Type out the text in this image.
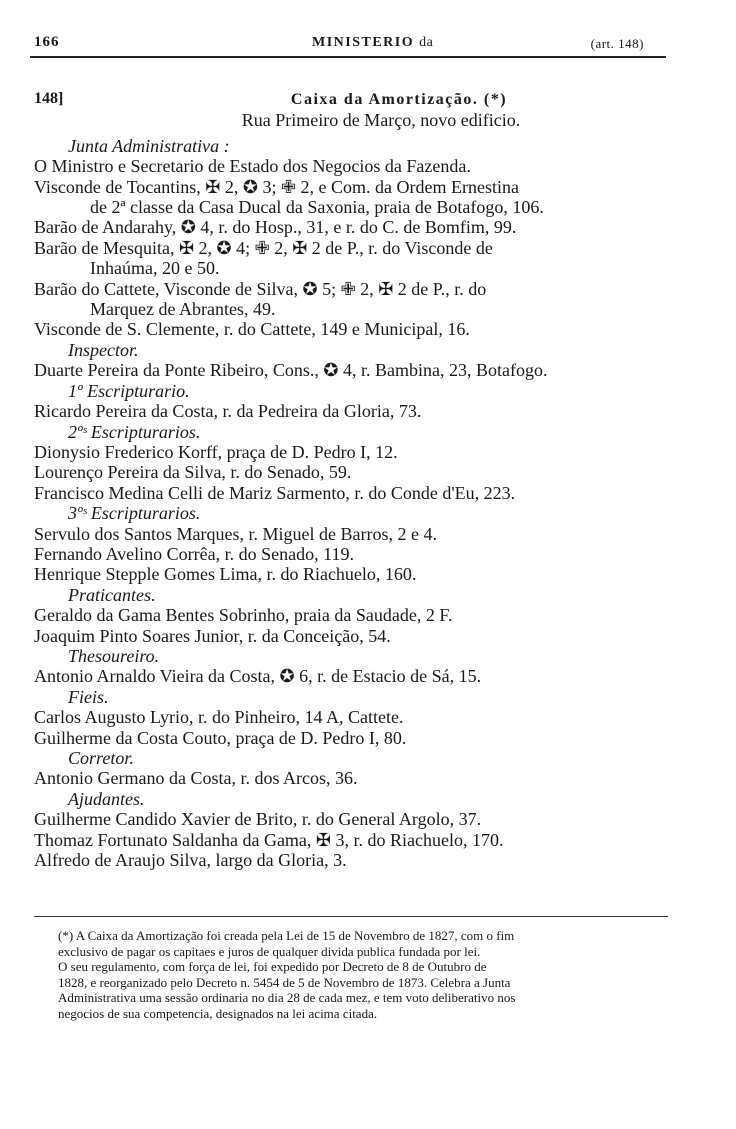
166	MINISTERIO da	(art. 148)
148]	Caixa da Amortização. (*)
Rua Primeiro de Março, novo edificio.
Junta Administrativa :
O Ministro e Secretario de Estado dos Negocios da Fazenda.
Visconde de Tocantins, ✠ 2, ✪ 3; ✙ 2, e Com. da Ordem Ernestina
de 2ª classe da Casa Ducal da Saxonia, praia de Botafogo, 106.
Barão de Andarahy, ✪ 4, r. do Hosp., 31, e r. do C. de Bomfim, 99.
Barão de Mesquita, ✠ 2, ✪ 4; ✙ 2, ✠ 2 de P., r. do Visconde de
Inhaúma, 20 e 50.
Barão do Cattete, Visconde de Silva, ✪ 5; ✙ 2, ✠ 2 de P., r. do
Marquez de Abrantes, 49.
Visconde de S. Clemente, r. do Cattete, 149 e Municipal, 16.
Inspector.
Duarte Pereira da Ponte Ribeiro, Cons., ✪ 4, r. Bambina, 23, Botafogo.
1º Escripturario.
Ricardo Pereira da Costa, r. da Pedreira da Gloria, 73.
2ºˢ Escripturarios.
Dionysio Frederico Korff, praça de D. Pedro I, 12.
Lourenço Pereira da Silva, r. do Senado, 59.
Francisco Medina Celli de Mariz Sarmento, r. do Conde d'Eu, 223.
3ºˢ Escripturarios.
Servulo dos Santos Marques, r. Miguel de Barros, 2 e 4.
Fernando Avelino Corrêa, r. do Senado, 119.
Henrique Stepple Gomes Lima, r. do Riachuelo, 160.
Praticantes.
Geraldo da Gama Bentes Sobrinho, praia da Saudade, 2 F.
Joaquim Pinto Soares Junior, r. da Conceição, 54.
Thesoureiro.
Antonio Arnaldo Vieira da Costa, ✪ 6, r. de Estacio de Sá, 15.
Fieis.
Carlos Augusto Lyrio, r. do Pinheiro, 14 A, Cattete.
Guilherme da Costa Couto, praça de D. Pedro I, 80.
Corretor.
Antonio Germano da Costa, r. dos Arcos, 36.
Ajudantes.
Guilherme Candido Xavier de Brito, r. do General Argolo, 37.
Thomaz Fortunato Saldanha da Gama, ✠ 3, r. do Riachuelo, 170.
Alfredo de Araujo Silva, largo da Gloria, 3.
(*) A Caixa da Amortização foi creada pela Lei de 15 de Novembro de 1827, com o fim
exclusivo de pagar os capitaes e juros de qualquer divida publica fundada por lei.
O seu regulamento, com força de lei, foi expedido por Decreto de 8 de Outubro de
1828, e reorganizado pelo Decreto n. 5454 de 5 de Novembro de 1873. Celebra a Junta
Administrativa uma sessão ordinaria no dia 28 de cada mez, e tem voto deliberativo nos
negocios de sua competencia, designados na lei acima citada.
